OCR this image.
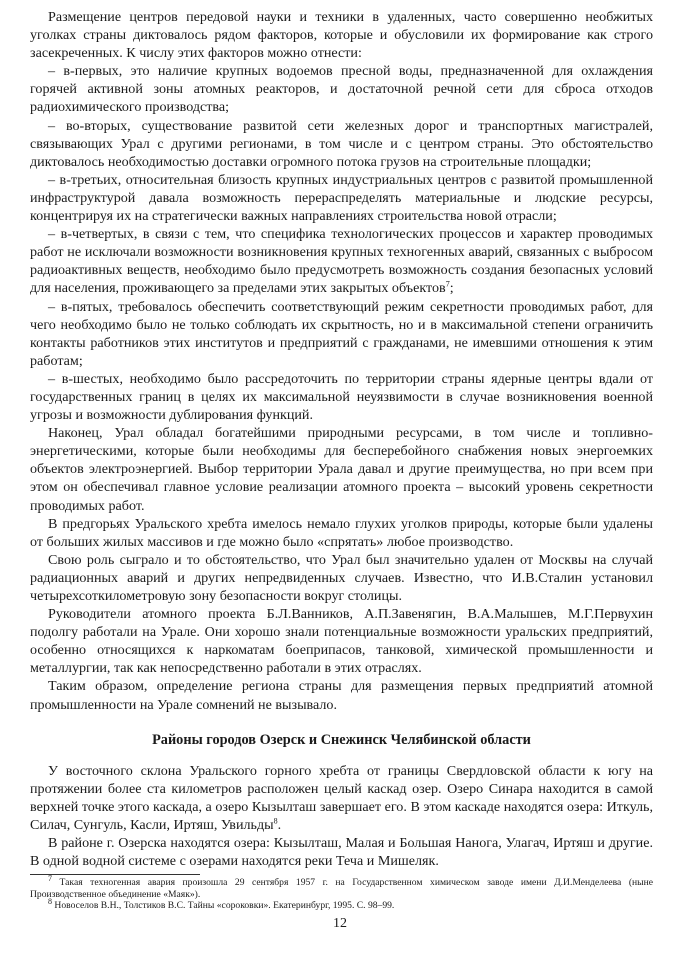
Размещение центров передовой науки и техники в удаленных, часто совершенно необжитых уголках страны диктовалось рядом факторов, которые и обусловили их формирование как строго засекреченных. К числу этих факторов можно отнести:

– в-первых, это наличие крупных водоемов пресной воды, предназначенной для охлаждения горячей активной зоны атомных реакторов, и достаточной речной сети для сброса отходов радиохимического производства;

– во-вторых, существование развитой сети железных дорог и транспортных магистралей, связывающих Урал с другими регионами, в том числе и с центром страны. Это обстоятельство диктовалось необходимостью доставки огромного потока грузов на строительные площадки;

– в-третьих, относительная близость крупных индустриальных центров с развитой промышленной инфраструктурой давала возможность перераспределять материальные и людские ресурсы, концентрируя их на стратегически важных направлениях строительства новой отрасли;

– в-четвертых, в связи с тем, что специфика технологических процессов и характер проводимых работ не исключали возможности возникновения крупных техногенных аварий, связанных с выбросом радиоактивных веществ, необходимо было предусмотреть возможность создания безопасных условий для населения, проживающего за пределами этих закрытых объектов$^7$;

– в-пятых, требовалось обеспечить соответствующий режим секретности проводимых работ, для чего необходимо было не только соблюдать их скрытность, но и в максимальной степени ограничить контакты работников этих институтов и предприятий с гражданами, не имевшими отношения к этим работам;

– в-шестых, необходимо было рассредоточить по территории страны ядерные центры вдали от государственных границ в целях их максимальной неуязвимости в случае возникновения военной угрозы и возможности дублирования функций.

Наконец, Урал обладал богатейшими природными ресурсами, в том числе и топливно-энергетическими, которые были необходимы для бесперебойного снабжения новых энергоемких объектов электроэнергией. Выбор территории Урала давал и другие преимущества, но при всем при этом он обеспечивал главное условие реализации атомного проекта – высокий уровень секретности проводимых работ.

В предгорьях Уральского хребта имелось немало глухих уголков природы, которые были удалены от больших жилых массивов и где можно было «спрятать» любое производство.

Свою роль сыграло и то обстоятельство, что Урал был значительно удален от Москвы на случай радиационных аварий и других непредвиденных случаев. Известно, что И.В.Сталин установил четырехсоткилометровую зону безопасности вокруг столицы.

Руководители атомного проекта Б.Л.Ванников, А.П.Завенягин, В.А.Малышев, М.Г.Первухин подолгу работали на Урале. Они хорошо знали потенциальные возможности уральских предприятий, особенно относящихся к наркоматам боеприпасов, танковой, химической промышленности и металлургии, так как непосредственно работали в этих отраслях.

Таким образом, определение региона страны для размещения первых предприятий атомной промышленности на Урале сомнений не вызывало.

Районы городов Озерск и Снежинск Челябинской области

У восточного склона Уральского горного хребта от границы Свердловской области к югу на протяжении более ста километров расположен целый каскад озер. Озеро Синара находится в самой верхней точке этого каскада, а озеро Кызылташ завершает его. В этом каскаде находятся озера: Иткуль, Силач, Сунгуль, Касли, Иртяш, Увильды$^8$.

В районе г. Озерска находятся озера: Кызылташ, Малая и Большая Нанога, Улагач, Иртяш и другие. В одной водной системе с озерами находятся реки Теча и Мишеляк.

$^7$ Такая техногенная авария произошла 29 сентября 1957 г. на Государственном химическом заводе имени Д.И.Менделеева (ныне Производственное объединение «Маяк»).

$^8$ Новоселов В.Н., Толстиков В.С. Тайны «сороковки». Екатеринбург, 1995. С. 98–99.

12
